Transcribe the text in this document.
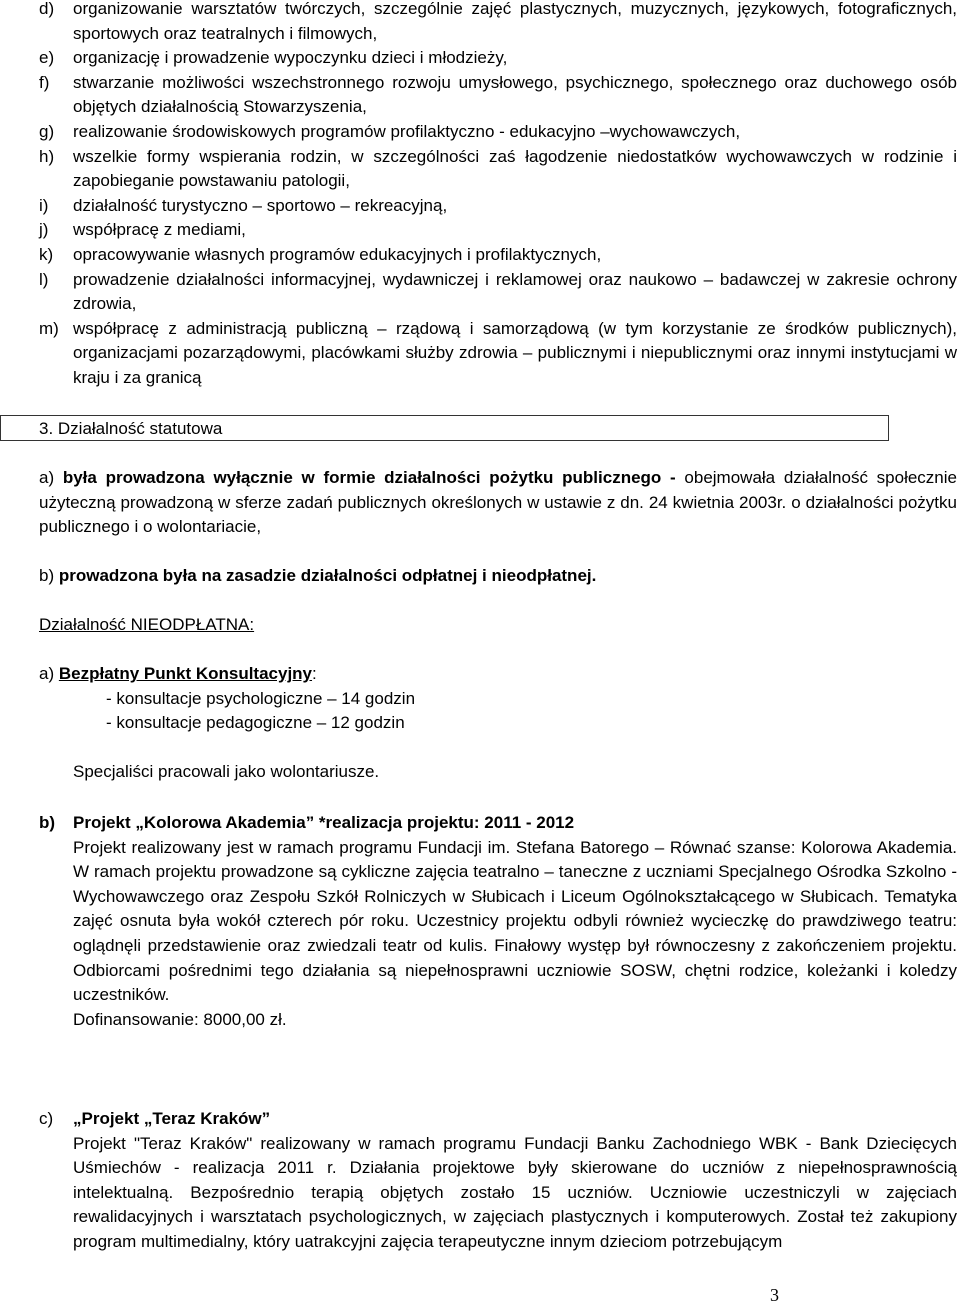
d)	organizowanie warsztatów twórczych, szczególnie zajęć plastycznych, muzycznych, językowych, fotograficznych, sportowych oraz teatralnych i filmowych,
e)	organizację i prowadzenie wypoczynku dzieci i młodzieży,
f)	stwarzanie możliwości wszechstronnego rozwoju umysłowego, psychicznego, społecznego oraz duchowego osób objętych działalnością Stowarzyszenia,
g)	realizowanie środowiskowych programów profilaktyczno - edukacyjno –wychowawczych,
h)	wszelkie formy wspierania rodzin, w szczególności zaś łagodzenie niedostatków wychowawczych w rodzinie i zapobieganie powstawaniu patologii,
i)	działalność turystyczno – sportowo – rekreacyjną,
j)	współpracę z mediami,
k)	opracowywanie własnych programów edukacyjnych i profilaktycznych,
l)	prowadzenie działalności informacyjnej, wydawniczej i reklamowej oraz naukowo – badawczej w zakresie ochrony zdrowia,
m) współpracę z administracją publiczną – rządową i samorządową (w tym korzystanie ze środków publicznych), organizacjami pozarządowymi, placówkami służby zdrowia – publicznymi i niepublicznymi oraz innymi instytucjami w kraju i za granicą
3. Działalność statutowa

a) była prowadzona wyłącznie w formie działalności pożytku publicznego - obejmowała działalność społecznie użyteczną prowadzoną w sferze zadań publicznych określonych w ustawie z dn. 24 kwietnia 2003r. o działalności pożytku publicznego i o wolontariacie,

b) prowadzona była na zasadzie działalności odpłatnej i nieodpłatnej.

Działalność NIEODPŁATNA:

a) Bezpłatny Punkt Konsultacyjny:

- konsultacje psychologiczne – 14 godzin

- konsultacje pedagogiczne – 12 godzin

Specjaliści pracowali jako wolontariusze.

b) Projekt „Kolorowa Akademia” *realizacja projektu: 2011 - 2012

Projekt realizowany jest w ramach programu Fundacji im. Stefana Batorego – Równać szanse: Kolorowa Akademia. W ramach projektu prowadzone są cykliczne zajęcia teatralno – taneczne z uczniami Specjalnego Ośrodka Szkolno - Wychowawczego oraz Zespołu Szkół Rolniczych w Słubicach i Liceum Ogólnokształcącego w Słubicach. Tematyka zajęć osnuta była wokół czterech pór roku. Uczestnicy projektu odbyli również wycieczkę do prawdziwego teatru: oglądnęli przedstawienie oraz zwiedzali teatr od kulis. Finałowy występ był równoczesny z zakończeniem projektu. Odbiorcami pośrednimi tego działania są niepełnosprawni uczniowie SOSW, chętni rodzice, koleżanki i koledzy uczestników.

Dofinansowanie: 8000,00 zł.

c) „Projekt „Teraz Kraków”

Projekt "Teraz Kraków" realizowany w ramach programu Fundacji Banku Zachodniego WBK - Bank Dziecięcych Uśmiechów - realizacja 2011 r. Działania projektowe były skierowane do uczniów z niepełnosprawnością intelektualną. Bezpośrednio terapią objętych zostało 15 uczniów. Uczniowie uczestniczyli w zajęciach rewalidacyjnych i warsztatach psychologicznych, w zajęciach plastycznych i komputerowych. Został też zakupiony program multimedialny, który uatrakcyjni zajęcia terapeutyczne innym dzieciom potrzebującym

3
